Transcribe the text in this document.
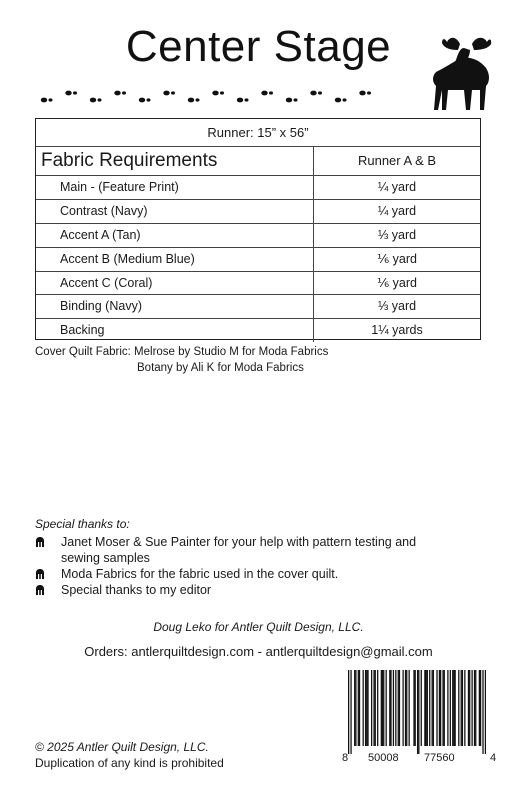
Center Stage
Runner: 15” x 56”
Fabric Requirements	Runner A & B
Main - (Feature Print)	¼ yard
Contrast (Navy)	¼ yard
Accent A (Tan)	⅓ yard
Accent B (Medium Blue)	⅙ yard
Accent C (Coral)	⅙ yard
Binding (Navy)	⅓ yard
Backing	1¼ yards
Cover Quilt Fabric: Melrose by Studio M for Moda Fabrics
Botany by Ali K for Moda Fabrics
Special thanks to:
Janet Moser & Sue Painter for your help with pattern testing and sewing samples
Moda Fabrics for the fabric used in the cover quilt.
Special thanks to my editor
Doug Leko for Antler Quilt Design, LLC.
Orders: antlerquiltdesign.com - antlerquiltdesign@gmail.com
8 50008 77560	4
© 2025 Antler Quilt Design, LLC.
Duplication of any kind is prohibited
